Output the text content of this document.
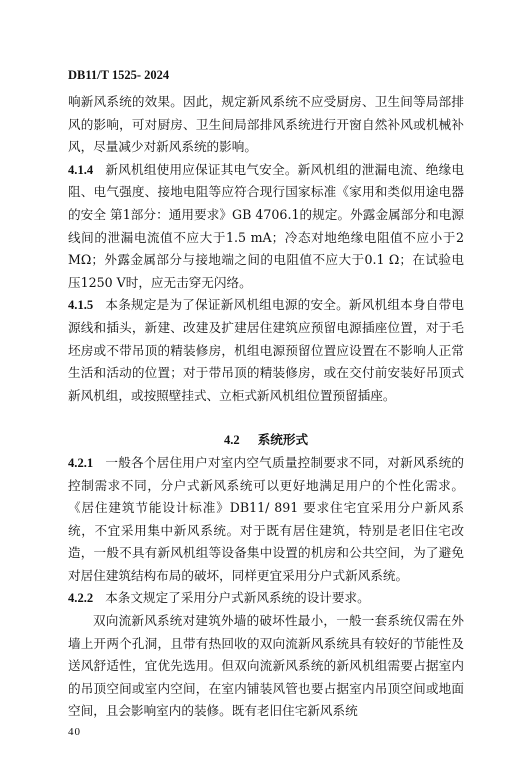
DB11/T 1525- 2024

响新风系统的效果。因此，规定新风系统不应受厨房、卫生间等局部排风的影响，可对厨房、卫生间局部排风系统进行开窗自然补风或机械补风，尽量减少对新风系统的影响。

4.1.4 新风机组使用应保证其电气安全。新风机组的泄漏电流、绝缘电阻、电气强度、接地电阻等应符合现行国家标准《家用和类似用途电器的安全 第1部分：通用要求》GB 4706.1的规定。外露金属部分和电源线间的泄漏电流值不应大于1.5 mA；冷态对地绝缘电阻值不应小于2 MΩ；外露金属部分与接地端之间的电阻值不应大于0.1 Ω；在试验电压1250 V时，应无击穿无闪络。

4.1.5 本条规定是为了保证新风机组电源的安全。新风机组本身自带电源线和插头，新建、改建及扩建居住建筑应预留电源插座位置，对于毛坯房或不带吊顶的精装修房，机组电源预留位置应设置在不影响人正常生活和活动的位置；对于带吊顶的精装修房，或在交付前安装好吊顶式新风机组，或按照壁挂式、立柜式新风机组位置预留插座。

4.2 系统形式

4.2.1 一般各个居住用户对室内空气质量控制要求不同，对新风系统的控制需求不同，分户式新风系统可以更好地满足用户的个性化需求。《居住建筑节能设计标准》DB11/ 891 要求住宅宜采用分户新风系统，不宜采用集中新风系统。对于既有居住建筑，特别是老旧住宅改造，一般不具有新风机组等设备集中设置的机房和公共空间，为了避免对居住建筑结构布局的破坏，同样更宜采用分户式新风系统。

4.2.2 本条文规定了采用分户式新风系统的设计要求。

双向流新风系统对建筑外墙的破坏性最小，一般一套系统仅需在外墙上开两个孔洞，且带有热回收的双向流新风系统具有较好的节能性及送风舒适性，宜优先选用。但双向流新风系统的新风机组需要占据室内的吊顶空间或室内空间，在室内铺装风管也要占据室内吊顶空间或地面空间，且会影响室内的装修。既有老旧住宅新风系统

40
